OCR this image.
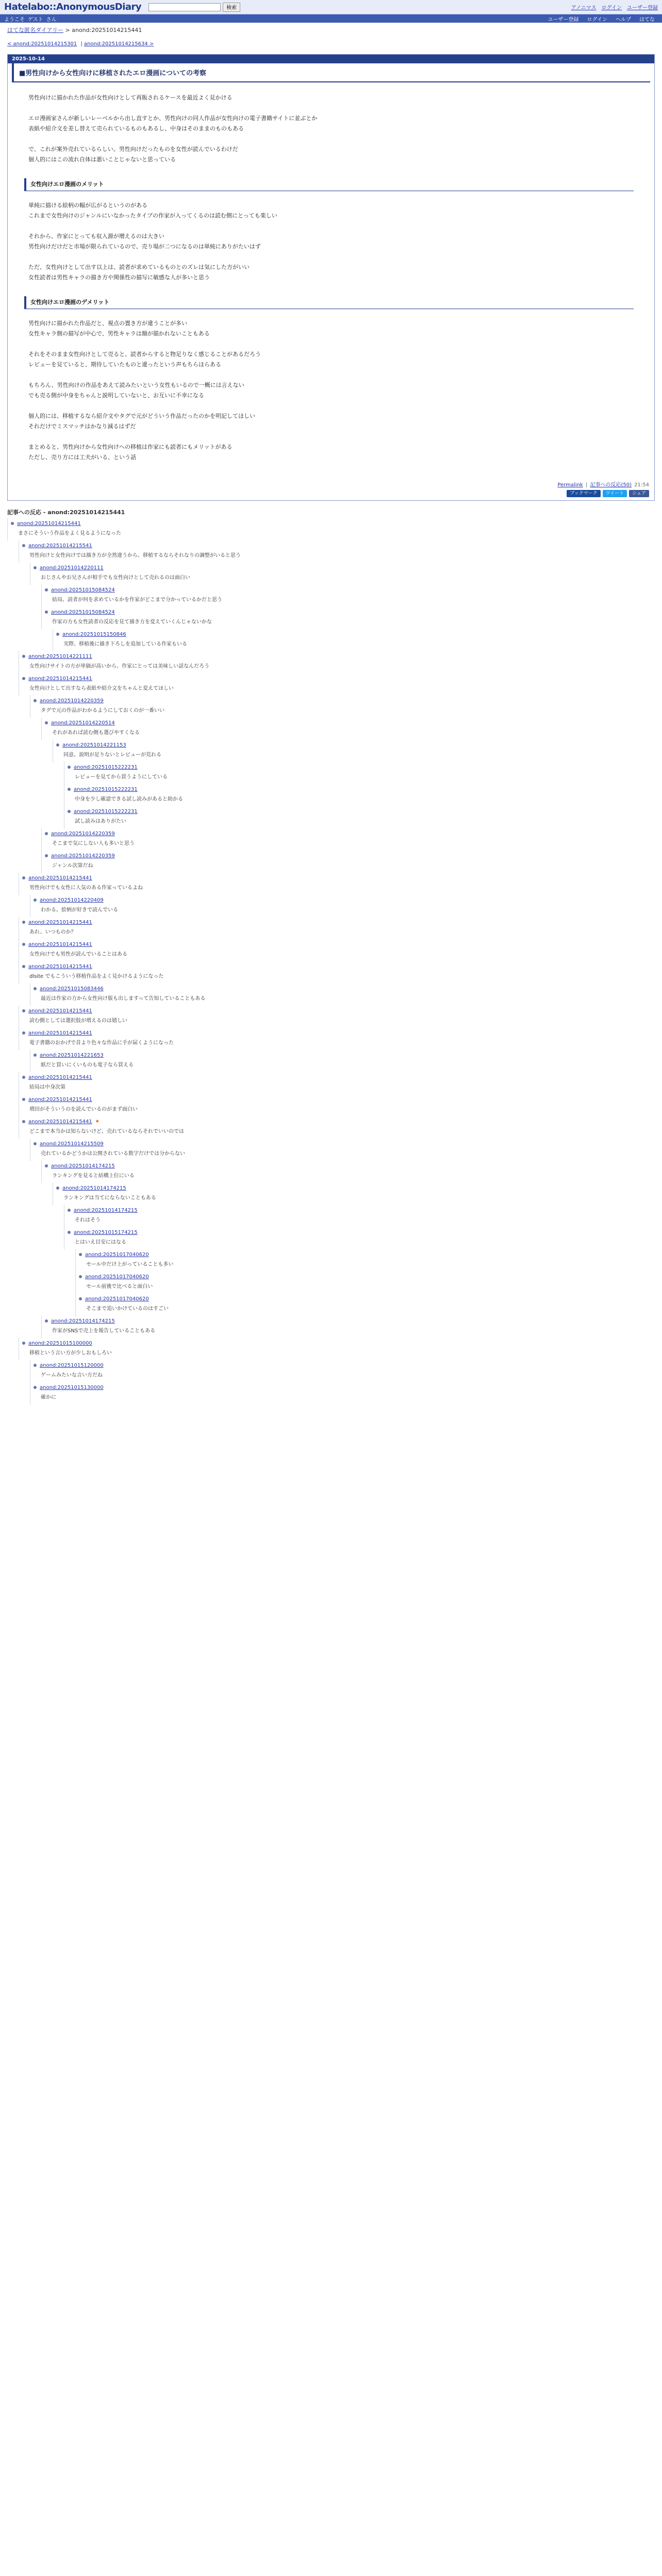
Hatelabo::AnonymousDiary	検索	アノニマス ログイン ユーザー登録
ようこそ ゲスト さん	ユーザー登録 ログイン ヘルプ はてな
はてな匿名ダイアリー > anond:20251014215441
< anond:20251014215301 | anond:20251014215634 >
2025-10-14
■男性向けから女性向けに移植されたエロ漫画についての考察

男性向けに描かれた作品が女性向けとして再販されるケースを最近よく見かける

エロ漫画家さんが新しいレーベルから出し直すとか、男性向けの同人作品が女性向けの電子書籍サイトに並ぶとか
表紙や紹介文を差し替えて売られているものもあるし、中身はそのままのものもある

で、これが案外売れているらしい。男性向けだったものを女性が読んでいるわけだ
個人的にはこの流れ自体は悪いことじゃないと思っている

女性向けエロ漫画のメリット

単純に描ける絵柄の幅が広がるというのがある
これまで女性向けのジャンルにいなかったタイプの作家が入ってくるのは読む側にとっても楽しい

それから、作家にとっても収入源が増えるのは大きい
男性向けだけだと市場が限られているので、売り場が二つになるのは単純にありがたいはず

ただ、女性向けとして出す以上は、読者が求めているものとのズレは気にした方がいい
女性読者は男性キャラの描き方や関係性の描写に敏感な人が多いと思う

女性向けエロ漫画のデメリット

男性向けに描かれた作品だと、視点の置き方が違うことが多い
女性キャラ側の描写が中心で、男性キャラは顔が描かれないこともある

それをそのまま女性向けとして売ると、読者からすると物足りなく感じることがあるだろう
レビューを見ていると、期待していたものと違ったという声もちらほらある

もちろん、男性向けの作品をあえて読みたいという女性もいるので一概には言えない
でも売る側が中身をちゃんと説明していないと、お互いに不幸になる

個人的には、移植するなら紹介文やタグで元がどういう作品だったのかを明記してほしい
それだけでミスマッチはかなり減るはずだ

まとめると、男性向けから女性向けへの移植は作家にも読者にもメリットがある
ただし、売り方には工夫がいる、という話

Permalink | 記事への反応(50) 21:54
ブックマーク	ツイート	シェア
記事への反応 - anond:20251014215441
anond:20251014215441
まさにそういう作品をよく見るようになった
anond:20251014215541
男性向けと女性向けでは描き方が全然違うから、移植するならそれなりの調整がいると思う
anond:20251014220111
おじさんやお兄さんが相手でも女性向けとして売れるのは面白い
anond:20251015084524
結局、読者が何を求めているかを作家がどこまで分かっているかだと思う
anond:20251015084524
作家の方も女性読者の反応を見て描き方を変えていくんじゃないかな
anond:20251015150846
実際、移植後に描き下ろしを追加している作家もいる
anond:20251014221111
女性向けサイトの方が単価が高いから、作家にとっては美味しい話なんだろう
anond:20251014215441
女性向けとして出すなら表紙や紹介文をちゃんと変えてほしい
anond:20251014220359
タグで元の作品がわかるようにしておくのが一番いい
anond:20251014220514
それがあれば読む側も選びやすくなる
anond:20251014221153
同意。説明が足りないとレビューが荒れる
anond:20251015222231
レビューを見てから買うようにしている
anond:20251015222231
中身を少し確認できる試し読みがあると助かる
anond:20251015222231
試し読みはありがたい
anond:20251014220359
そこまで気にしない人も多いと思う
anond:20251014220359
ジャンル次第だね
anond:20251014215441
男性向けでも女性に人気のある作家っているよね
anond:20251014220409
わかる。絵柄が好きで読んでいる
anond:20251014215441
あれ、いつものか？
anond:20251014215441
女性向けでも男性が読んでいることはある
anond:20251014215441
dlsite でもこういう移植作品をよく見かけるようになった
anond:20251015083446
最近は作家の方から女性向け版も出しますって告知していることもある
anond:20251014215441
読む側としては選択肢が増えるのは嬉しい
anond:20251014215441
電子書籍のおかげで昔より色々な作品に手が届くようになった
anond:20251014221653
紙だと買いにくいものも電子なら買える
anond:20251014215441
結局は中身次第
anond:20251014215441
増田がそういうのを読んでいるのがまず面白い
anond:20251014215441 ★
どこまで本当かは知らないけど、売れているならそれでいいのでは
anond:20251014215509
売れているかどうかは公開されている数字だけでは分からない
anond:20251014174215
ランキングを見ると結構上位にいる
anond:20251014174215
ランキングは当てにならないこともある
anond:20251014174215
それはそう
anond:20251015174215
とはいえ目安にはなる
anond:20251017040620
セール中だけ上がっていることも多い
anond:20251017040620
セール前後で比べると面白い
anond:20251017040620
そこまで追いかけているのはすごい
anond:20251014174215
作家がSNSで売上を報告していることもある
anond:20251015100000
移植という言い方が少しおもしろい
anond:20251015120000
ゲームみたいな言い方だね
anond:20251015130000
確かに
